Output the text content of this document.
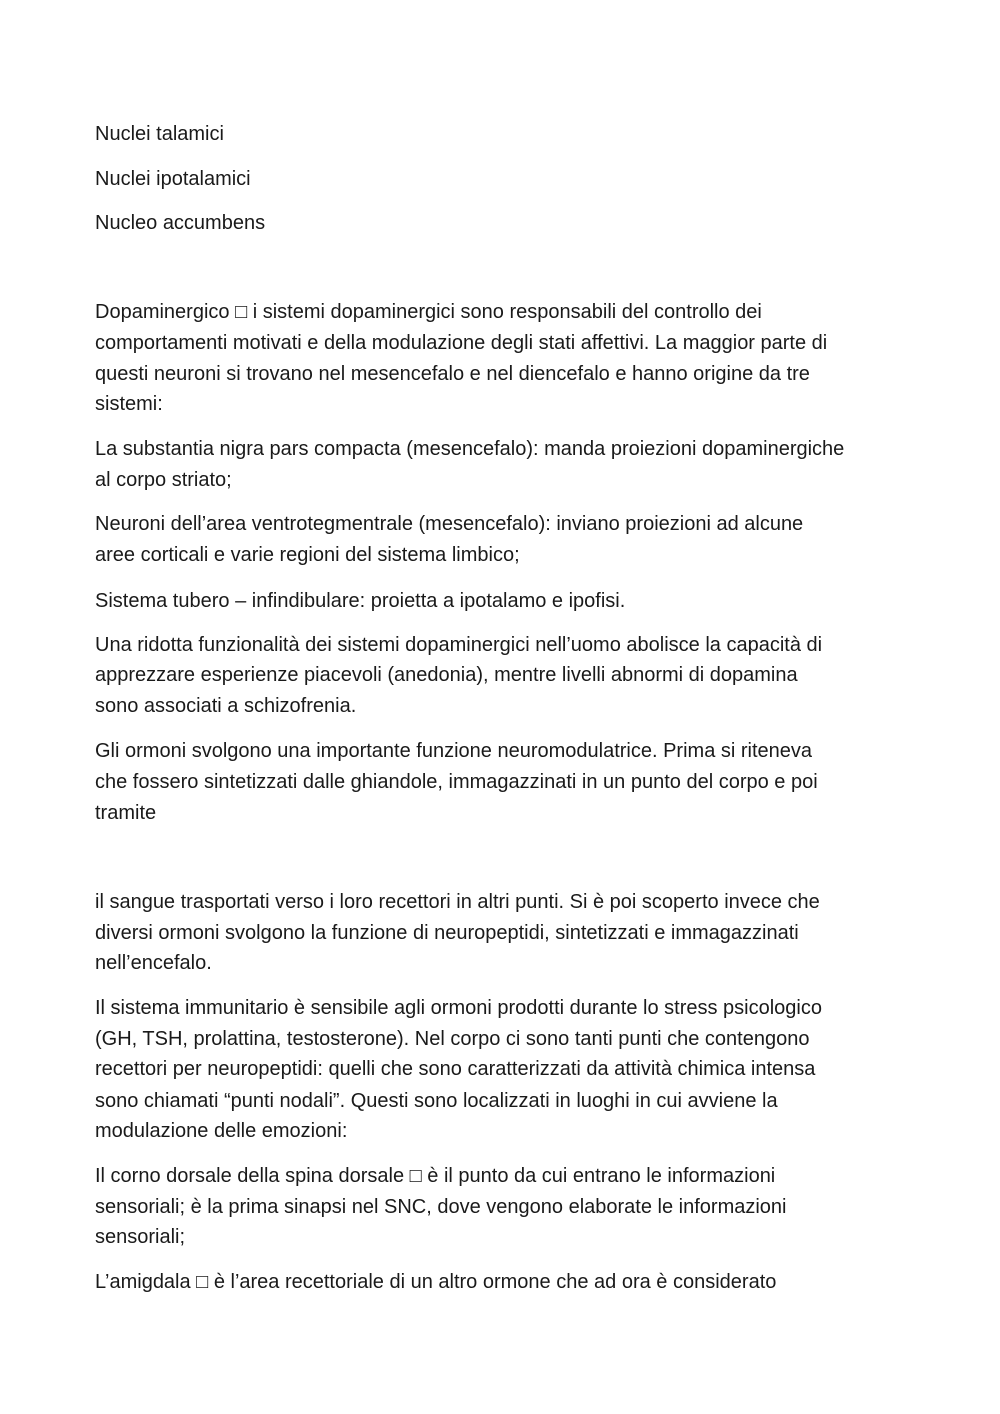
Nuclei talamici
Nuclei ipotalamici
Nucleo accumbens
Dopaminergico □ i sistemi dopaminergici sono responsabili del controllo dei
comportamenti motivati e della modulazione degli stati affettivi. La maggior parte di
questi neuroni si trovano nel mesencefalo e nel diencefalo e hanno origine da tre
sistemi:
La substantia nigra pars compacta (mesencefalo): manda proiezioni dopaminergiche
al corpo striato;
Neuroni dell’area ventrotegmentrale (mesencefalo): inviano proiezioni ad alcune
aree corticali e varie regioni del sistema limbico;
Sistema tubero – infindibulare: proietta a ipotalamo e ipofisi.
Una ridotta funzionalità dei sistemi dopaminergici nell’uomo abolisce la capacità di
apprezzare esperienze piacevoli (anedonia), mentre livelli abnormi di dopamina
sono associati a schizofrenia.
Gli ormoni svolgono una importante funzione neuromodulatrice. Prima si riteneva
che fossero sintetizzati dalle ghiandole, immagazzinati in un punto del corpo e poi
tramite
il sangue trasportati verso i loro recettori in altri punti. Si è poi scoperto invece che
diversi ormoni svolgono la funzione di neuropeptidi, sintetizzati e immagazzinati
nell’encefalo.
Il sistema immunitario è sensibile agli ormoni prodotti durante lo stress psicologico
(GH, TSH, prolattina, testosterone). Nel corpo ci sono tanti punti che contengono
recettori per neuropeptidi: quelli che sono caratterizzati da attività chimica intensa
sono chiamati “punti nodali”. Questi sono localizzati in luoghi in cui avviene la
modulazione delle emozioni:
Il corno dorsale della spina dorsale □ è il punto da cui entrano le informazioni
sensoriali; è la prima sinapsi nel SNC, dove vengono elaborate le informazioni
sensoriali;
L’amigdala □ è l’area recettoriale di un altro ormone che ad ora è considerato
